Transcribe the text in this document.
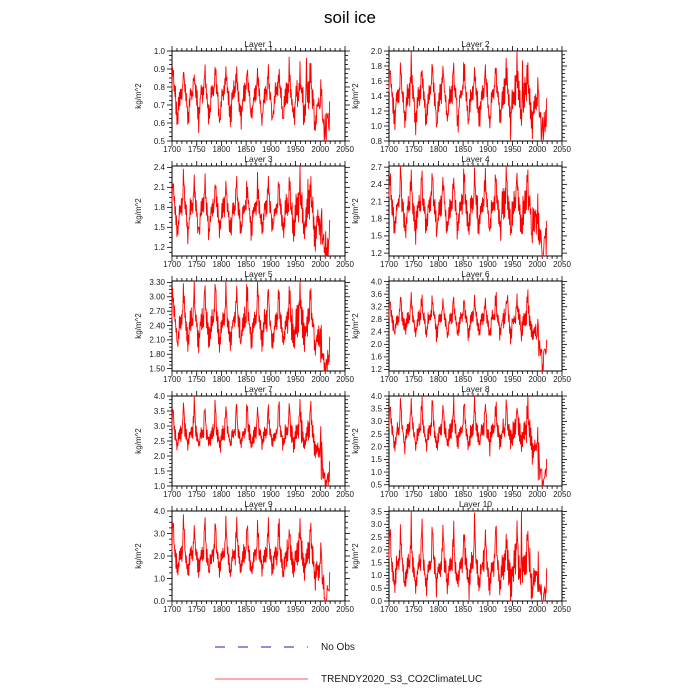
soil ice
Layer 1
kg/m^2
1700 1750 1800 1850 1900 1950 2000 2050
0.5
0.6
0.7
0.8
0.9
1.0
Layer 2
kg/m^2
1700 1750 1800 1850 1900 1950 2000 2050
0.8
1.0
1.2
1.4
1.6
1.8
2.0
Layer 3
kg/m^2
1700 1750 1800 1850 1900 1950 2000 2050
1.2
1.5
1.8
2.1
2.4
Layer 4
kg/m^2
1700 1750 1800 1850 1900 1950 2000 2050
1.2
1.5
1.8
2.1
2.4
2.7
Layer 5
kg/m^2
1700 1750 1800 1850 1900 1950 2000 2050
1.50
1.80
2.10
2.40
2.70
3.00
3.30
Layer 6
kg/m^2
1700 1750 1800 1850 1900 1950 2000 2050
1.2
1.6
2.0
2.4
2.8
3.2
3.6
4.0
Layer 7
kg/m^2
1700 1750 1800 1850 1900 1950 2000 2050
1.0
1.5
2.0
2.5
3.0
3.5
4.0
Layer 8
kg/m^2
1700 1750 1800 1850 1900 1950 2000 2050
0.5
1.0
1.5
2.0
2.5
3.0
3.5
4.0
Layer 9
kg/m^2
1700 1750 1800 1850 1900 1950 2000 2050
0.0
1.0
2.0
3.0
4.0
Layer 10
kg/m^2
1700 1750 1800 1850 1900 1950 2000 2050
0.0
0.5
1.0
1.5
2.0
2.5
3.0
3.5
No Obs
TRENDY2020_S3_CO2ClimateLUC
